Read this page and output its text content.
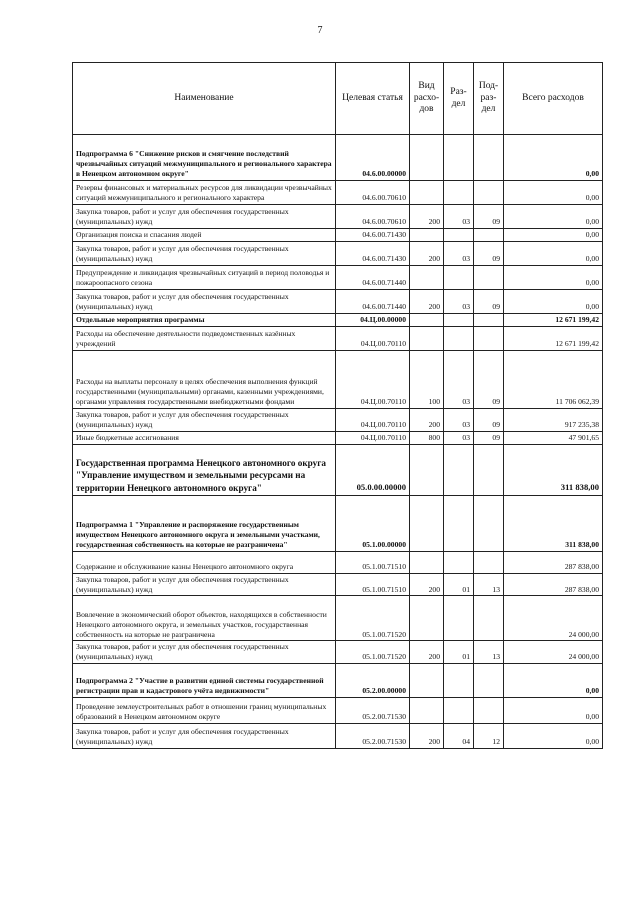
7
Наименование	Целевая статья	Вид расхо- дов	Раз- дел	Под- раз- дел	Всего расходов
Подпрограмма 6 "Снижение рисков и смягчение последствий чрезвычайных ситуаций межмуниципального и регионального характера в Ненецком автономном округе"	04.6.00.00000				0,00
Резервы финансовых и материальных ресурсов для ликвидации чрезвычайных ситуаций межмуниципального и регионального характера	04.6.00.70610				0,00
Закупка товаров, работ и услуг для обеспечения государственных (муниципальных) нужд	04.6.00.70610	200	03	09	0,00
Организация поиска и спасания людей	04.6.00.71430				0,00
Закупка товаров, работ и услуг для обеспечения государственных (муниципальных) нужд	04.6.00.71430	200	03	09	0,00
Предупреждение и ликвидация чрезвычайных ситуаций в период половодья и пожароопасного сезона	04.6.00.71440				0,00
Закупка товаров, работ и услуг для обеспечения государственных (муниципальных) нужд	04.6.00.71440	200	03	09	0,00
Отдельные мероприятия программы	04.Ц.00.00000				12 671 199,42
Расходы на обеспечение деятельности подведомственных казённых учреждений	04.Ц.00.70110				12 671 199,42
Расходы на выплаты персоналу в целях обеспечения выполнения функций государственными (муниципальными) органами, казенными учреждениями, органами управления государственными внебюджетными фондами	04.Ц.00.70110	100	03	09	11 706 062,39
Закупка товаров, работ и услуг для обеспечения государственных (муниципальных) нужд	04.Ц.00.70110	200	03	09	917 235,38
Иные бюджетные ассигнования	04.Ц.00.70110	800	03	09	47 901,65
Государственная программа Ненецкого автономного округа "Управление имуществом и земельными ресурсами на территории Ненецкого автономного округа"	05.0.00.00000				311 838,00
Подпрограмма 1 "Управление и распоряжение государственным имуществом Ненецкого автономного округа и земельными участками, государственная собственность на которые не разграничена"	05.1.00.00000				311 838,00
Содержание и обслуживание казны Ненецкого автономного округа	05.1.00.71510				287 838,00
Закупка товаров, работ и услуг для обеспечения государственных (муниципальных) нужд	05.1.00.71510	200	01	13	287 838,00
Вовлечение в экономический оборот объектов, находящихся в собственности Ненецкого автономного округа, и земельных участков, государственная собственность на которые не разграничена	05.1.00.71520				24 000,00
Закупка товаров, работ и услуг для обеспечения государственных (муниципальных) нужд	05.1.00.71520	200	01	13	24 000,00
Подпрограмма 2 "Участие в развитии единой системы государственной регистрации прав и кадастрового учёта недвижимости"	05.2.00.00000				0,00
Проведение землеустроительных работ в отношении границ муниципальных образований в Ненецком автономном округе	05.2.00.71530				0,00
Закупка товаров, работ и услуг для обеспечения государственных (муниципальных) нужд	05.2.00.71530	200	04	12	0,00
